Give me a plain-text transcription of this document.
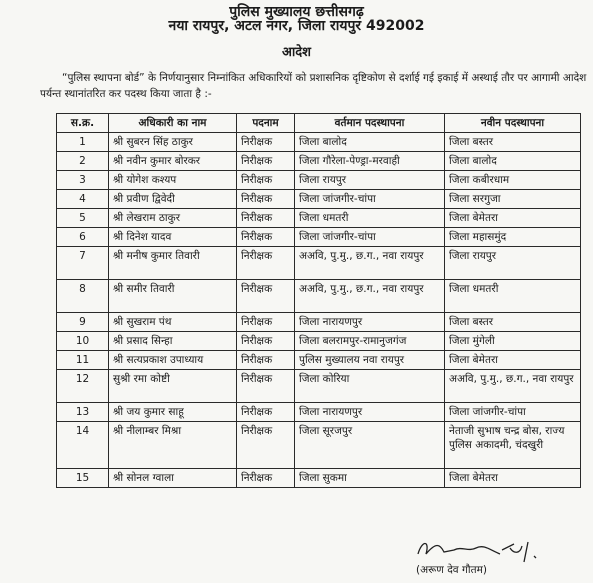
पुलिस मुख्यालय छत्तीसगढ़
नया रायपुर, अटल नगर, जिला रायपुर 492002
आदेश
“पुलिस स्थापना बोर्ड” के निर्णयानुसार निम्नांकित अधिकारियों को प्रशासनिक दृष्टिकोण से दर्शाई गई इकाई में अस्थाई तौर पर आगामी आदेश पर्यन्त स्थानांतरित कर पदस्थ किया जाता है :-
स.क्र.	अधिकारी का नाम	पदनाम	वर्तमान पदस्थापना	नवीन पदस्थापना
1	श्री सुबरन सिंह ठाकुर	निरीक्षक	जिला बालोद	जिला बस्तर
2	श्री नवीन कुमार बोरकर	निरीक्षक	जिला गौरेला-पेण्ड्रा-मरवाही	जिला बालोद
3	श्री योगेश कश्यप	निरीक्षक	जिला रायपुर	जिला कबीरधाम
4	श्री प्रवीण द्विवेदी	निरीक्षक	जिला जांजगीर-चांपा	जिला सरगुजा
5	श्री लेखराम ठाकुर	निरीक्षक	जिला धमतरी	जिला बेमेतरा
6	श्री दिनेश यादव	निरीक्षक	जिला जांजगीर-चांपा	जिला महासमुंद
7	श्री मनीष कुमार तिवारी	निरीक्षक	अअवि, पु.मु., छ.ग., नवा रायपुर	जिला रायपुर
8	श्री समीर तिवारी	निरीक्षक	अअवि, पु.मु., छ.ग., नवा रायपुर	जिला धमतरी
9	श्री सुखराम पंथ	निरीक्षक	जिला नारायणपुर	जिला बस्तर
10	श्री प्रसाद सिन्हा	निरीक्षक	जिला बलरामपुर-रामानुजगंज	जिला मुंगेली
11	श्री सत्यप्रकाश उपाध्याय	निरीक्षक	पुलिस मुख्यालय नवा रायपुर	जिला बेमेतरा
12	सुश्री रमा कोष्टी	निरीक्षक	जिला कोरिया	अअवि, पु.मु., छ.ग., नवा रायपुर
13	श्री जय कुमार साहू	निरीक्षक	जिला नारायणपुर	जिला जांजगीर-चांपा
14	श्री नीलाम्बर मिश्रा	निरीक्षक	जिला सूरजपुर	नेताजी सुभाष चन्द्र बोस, राज्य पुलिस अकादमी, चंदखुरी
15	श्री सोनल ग्वाला	निरीक्षक	जिला सुकमा	जिला बेमेतरा
(अरूण देव गौतम)
